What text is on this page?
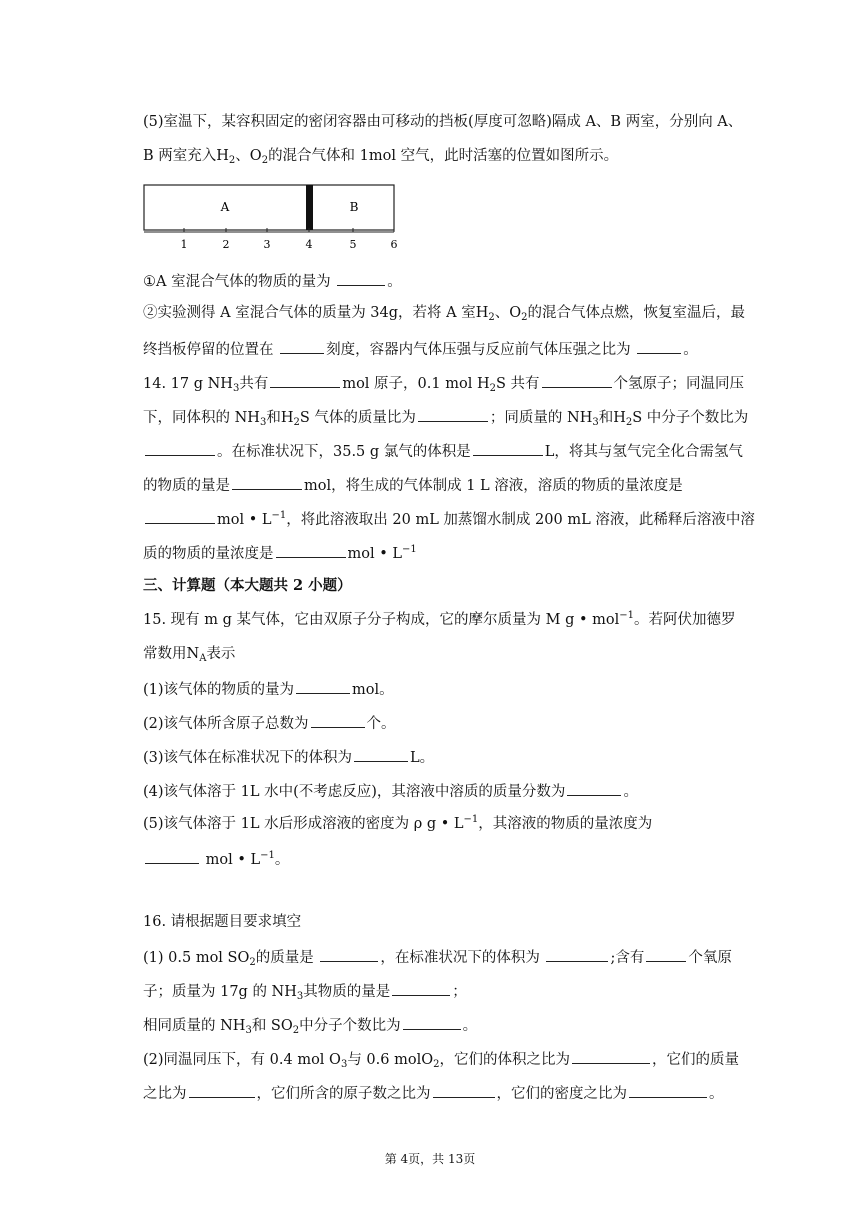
(5)室温下，某容积固定的密闭容器由可移动的挡板(厚度可忽略)隔成 A、B 两室，分别向 A、
B 两室充入$H_2$、$O_2$的混合气体和 1mol 空气，此时活塞的位置如图所示。
A	B
1	2	3	4	5	6
①A 室混合气体的物质的量为	。
②实验测得 A 室混合气体的质量为 34g，若将 A 室$H_2$、$O_2$的混合气体点燃，恢复室温后，最
终挡板停留的位置在	刻度，容器内气体压强与反应前气体压强之比为	。
14. 17 g $NH_3$共有	mol 原子，0.1 mol $H_2S$ 共有	个氢原子；同温同压
下，同体积的 $NH_3$和$H_2S$ 气体的质量比为	；同质量的 $NH_3$和$H_2S$ 中分子个数比为
。在标准状况下，35.5 g 氯气的体积是	L，将其与氢气完全化合需氢气
的物质的量是	mol，将生成的气体制成 1 L 溶液，溶质的物质的量浓度是
mol • $L^{-1}$，将此溶液取出 20 mL 加蒸馏水制成 200 mL 溶液，此稀释后溶液中溶
质的物质的量浓度是	mol • $L^{-1}$
三、计算题（本大题共 2 小题）
15. 现有 m g 某气体，它由双原子分子构成，它的摩尔质量为 M g • mol$^{-1}$。若阿伏加德罗
常数用$N_A$表示
(1)该气体的物质的量为	mol。
(2)该气体所含原子总数为	个。
(3)该气体在标准状况下的体积为	L。
(4)该气体溶于 1L 水中(不考虑反应)，其溶液中溶质的质量分数为	。
(5)该气体溶于 1L 水后形成溶液的密度为 ρ g • $L^{-1}$，其溶液的物质的量浓度为
mol • $L^{-1}$。
16. 请根据题目要求填空
(1) 0.5 mol $SO_2$的质量是	，在标准状况下的体积为	;含有	个氧原
子；质量为 17g 的 $NH_3$其物质的量是	；
相同质量的 $NH_3$和 $SO_2$中分子个数比为	。
(2)同温同压下，有 0.4 mol $O_3$与 0.6 molO$_2$，它们的体积之比为	，它们的质量
之比为	，它们所含的原子数之比为	，它们的密度之比为	。
第 4页，共 13页
